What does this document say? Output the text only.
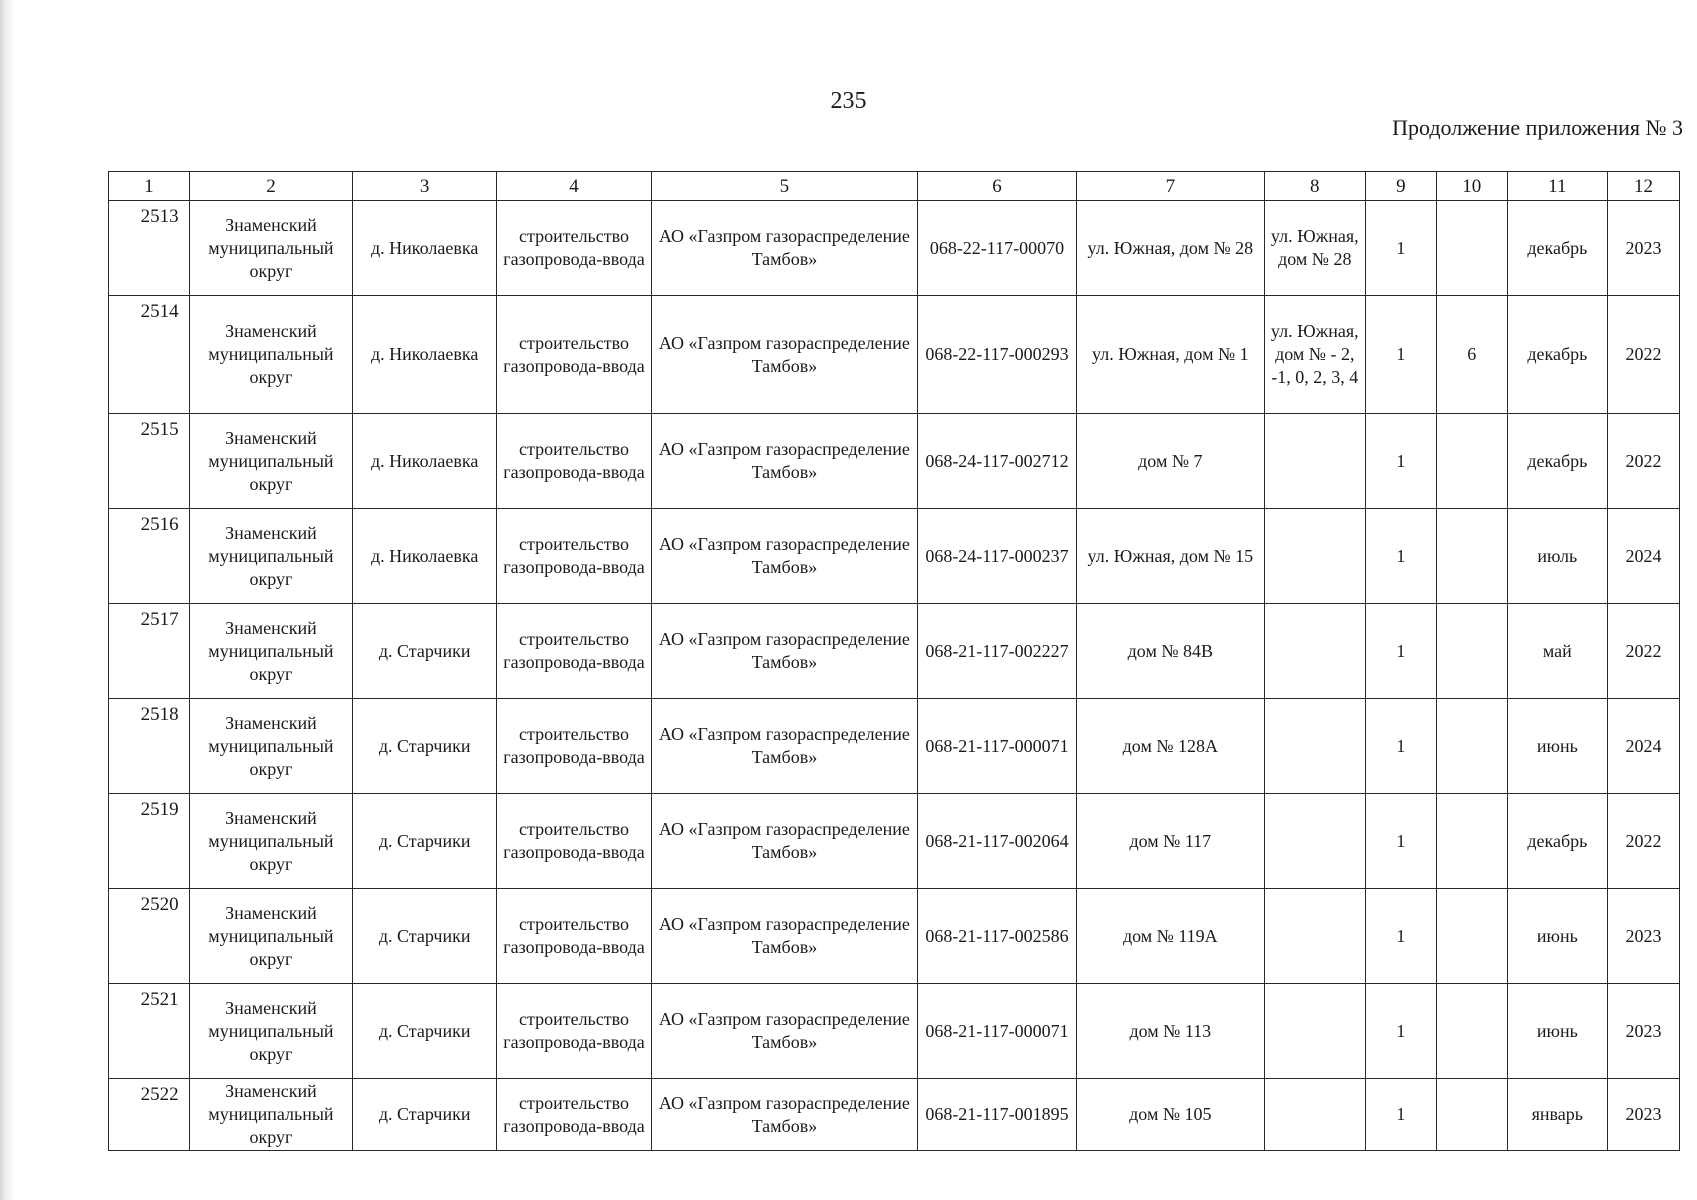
235
Продолжение приложения № 3
1	2	3	4	5	6	7	8	9	10	11	12
2513	Знаменский муниципальный округ	д. Николаевка	строительство газопровода-ввода	АО «Газпром газораспределение Тамбов»	068-22-117-00070	ул. Южная, дом № 28	ул. Южная, дом № 28	1		декабрь	2023
2514	Знаменский муниципальный округ	д. Николаевка	строительство газопровода-ввода	АО «Газпром газораспределение Тамбов»	068-22-117-000293	ул. Южная, дом № 1	ул. Южная, дом № - 2, -1, 0, 2, 3, 4	1	6	декабрь	2022
2515	Знаменский муниципальный округ	д. Николаевка	строительство газопровода-ввода	АО «Газпром газораспределение Тамбов»	068-24-117-002712	дом № 7		1		декабрь	2022
2516	Знаменский муниципальный округ	д. Николаевка	строительство газопровода-ввода	АО «Газпром газораспределение Тамбов»	068-24-117-000237	ул. Южная, дом № 15		1		июль	2024
2517	Знаменский муниципальный округ	д. Старчики	строительство газопровода-ввода	АО «Газпром газораспределение Тамбов»	068-21-117-002227	дом № 84В		1		май	2022
2518	Знаменский муниципальный округ	д. Старчики	строительство газопровода-ввода	АО «Газпром газораспределение Тамбов»	068-21-117-000071	дом № 128А		1		июнь	2024
2519	Знаменский муниципальный округ	д. Старчики	строительство газопровода-ввода	АО «Газпром газораспределение Тамбов»	068-21-117-002064	дом № 117		1		декабрь	2022
2520	Знаменский муниципальный округ	д. Старчики	строительство газопровода-ввода	АО «Газпром газораспределение Тамбов»	068-21-117-002586	дом № 119А		1		июнь	2023
2521	Знаменский муниципальный округ	д. Старчики	строительство газопровода-ввода	АО «Газпром газораспределение Тамбов»	068-21-117-000071	дом № 113		1		июнь	2023
2522	Знаменский муниципальный округ	д. Старчики	строительство газопровода-ввода	АО «Газпром газораспределение Тамбов»	068-21-117-001895	дом № 105		1		январь	2023
